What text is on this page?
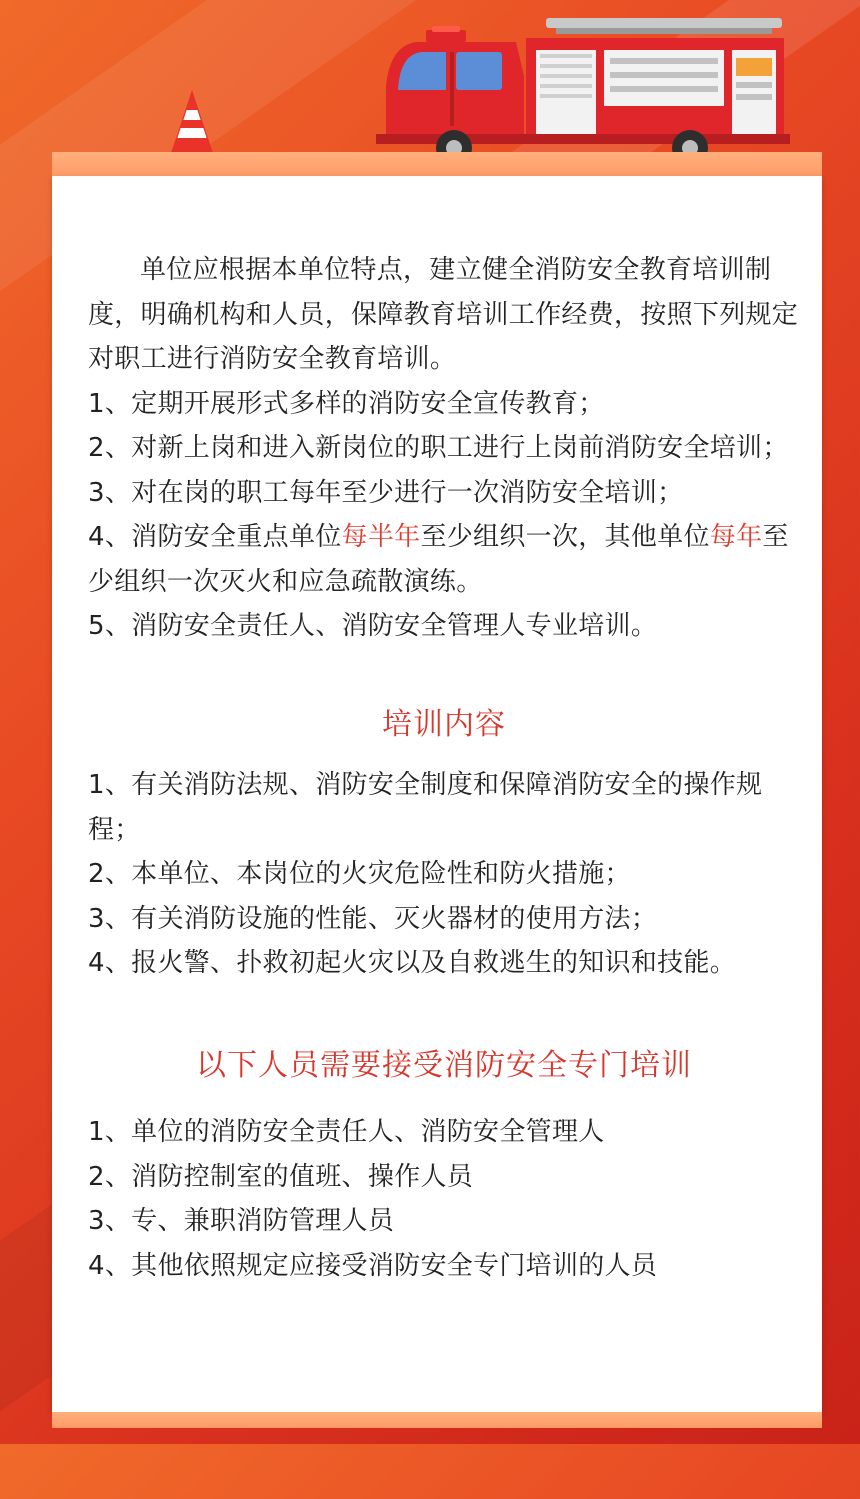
单位应根据本单位特点，建立健全消防安全教育培训制度，明确机构和人员，保障教育培训工作经费，按照下列规定对职工进行消防安全教育培训。

1、定期开展形式多样的消防安全宣传教育；

2、对新上岗和进入新岗位的职工进行上岗前消防安全培训；

3、对在岗的职工每年至少进行一次消防安全培训；

4、消防安全重点单位每半年至少组织一次，其他单位每年至少组织一次灭火和应急疏散演练。

5、消防安全责任人、消防安全管理人专业培训。

培训内容

1、有关消防法规、消防安全制度和保障消防安全的操作规程；

2、本单位、本岗位的火灾危险性和防火措施；

3、有关消防设施的性能、灭火器材的使用方法；

4、报火警、扑救初起火灾以及自救逃生的知识和技能。

以下人员需要接受消防安全专门培训

1、单位的消防安全责任人、消防安全管理人

2、消防控制室的值班、操作人员

3、专、兼职消防管理人员

4、其他依照规定应接受消防安全专门培训的人员
